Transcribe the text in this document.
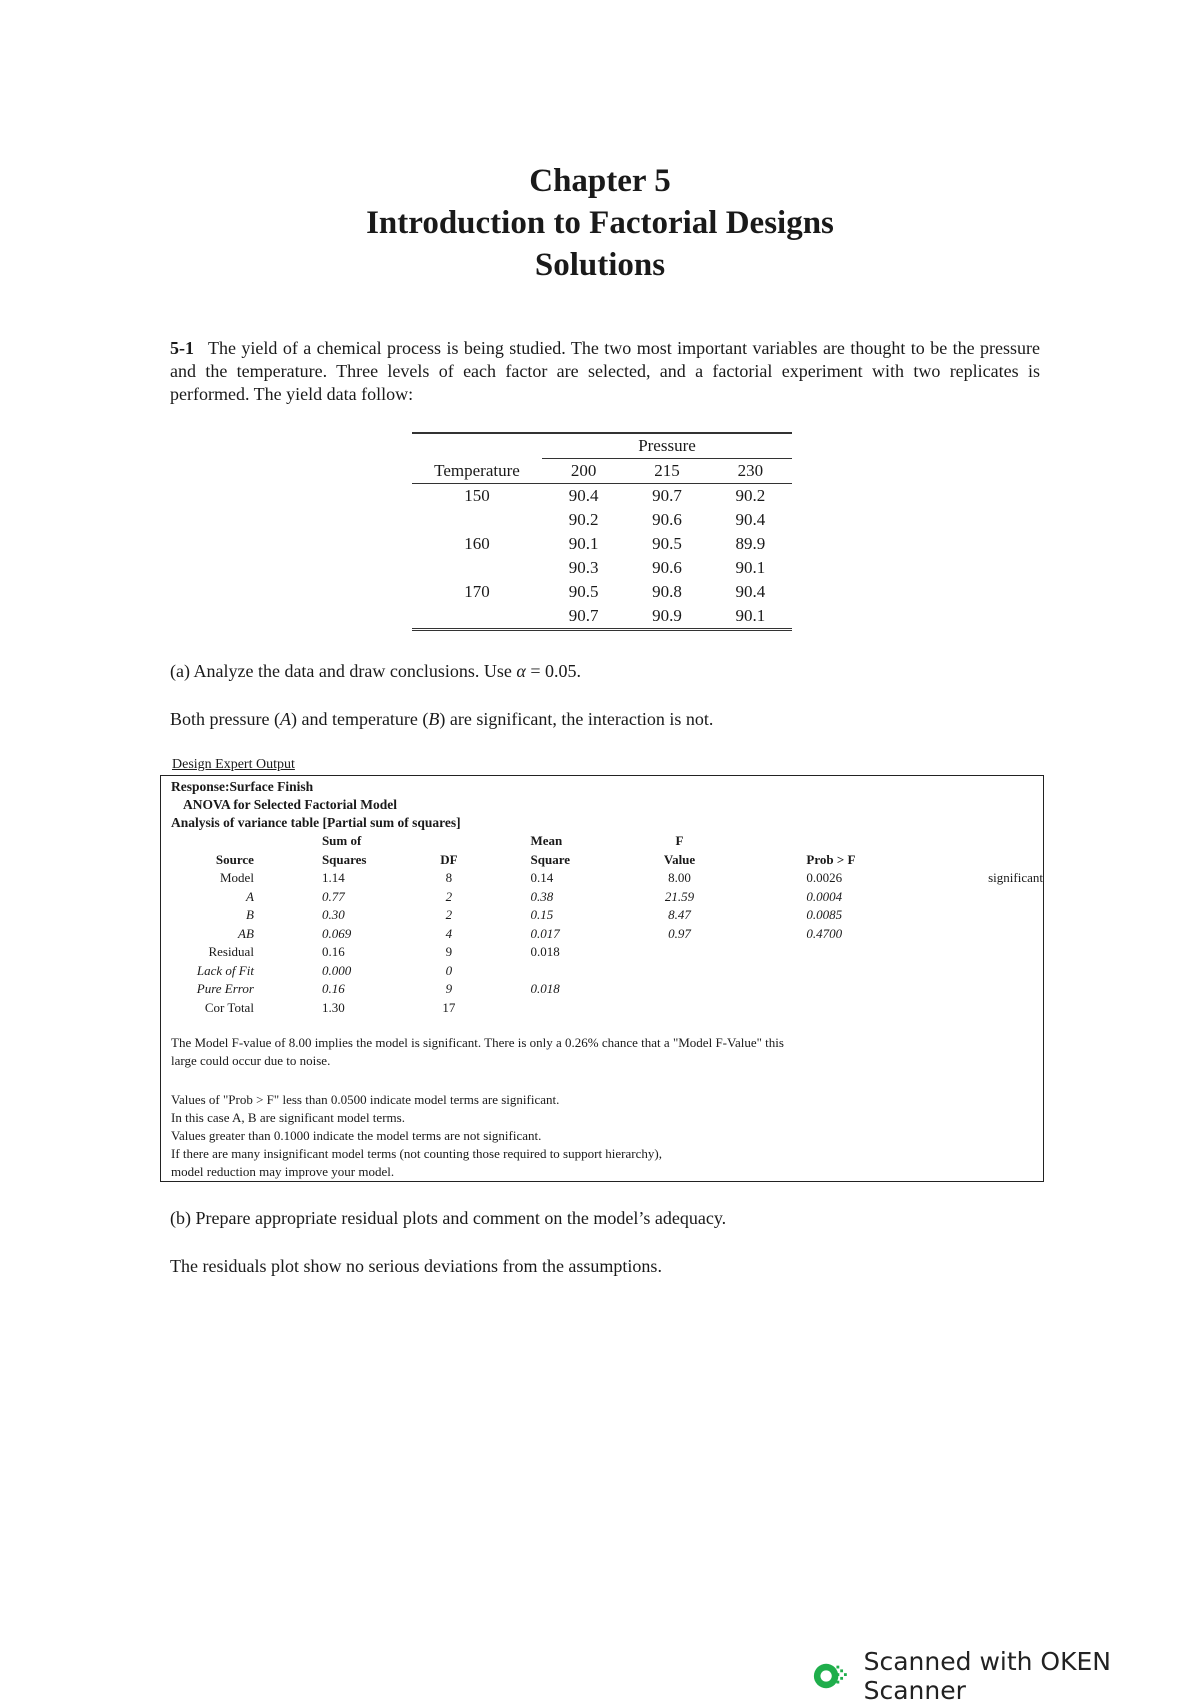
Chapter 5

Introduction to Factorial Designs

Solutions

5-1 The yield of a chemical process is being studied. The two most important variables are thought to be the pressure and the temperature. Three levels of each factor are selected, and a factorial experiment with two replicates is performed. The yield data follow:
	Pressure		
Temperature	200	215	230
150	90.4	90.7	90.2
	90.2	90.6	90.4
160	90.1	90.5	89.9
	90.3	90.6	90.1
170	90.5	90.8	90.4
	90.7	90.9	90.1
(a) Analyze the data and draw conclusions. Use α = 0.05.
Both pressure (A) and temperature (B) are significant, the interaction is not.
Design Expert Output
Response:Surface Finish
ANOVA for Selected Factorial Model
Analysis of variance table [Partial sum of squares]
	Sum of		Mean	F		
Source	Squares	DF	Square	Value	Prob > F	
Model	1.14	8	0.14	8.00	0.0026	significant
A	0.77	2	0.38	21.59	0.0004	
B	0.30	2	0.15	8.47	0.0085	
AB	0.069	4	0.017	0.97	0.4700	
Residual	0.16	9	0.018			
Lack of Fit	0.000	0				
Pure Error	0.16	9	0.018			
Cor Total	1.30	17				
The Model F-value of 8.00 implies the model is significant. There is only a 0.26% chance that a "Model F-Value" this large could occur due to noise.
Values of "Prob > F" less than 0.0500 indicate model terms are significant.
In this case A, B are significant model terms.
Values greater than 0.1000 indicate the model terms are not significant.
If there are many insignificant model terms (not counting those required to support hierarchy),
model reduction may improve your model.
(b) Prepare appropriate residual plots and comment on the model’s adequacy.
The residuals plot show no serious deviations from the assumptions.
Scanned with OKEN Scanner
